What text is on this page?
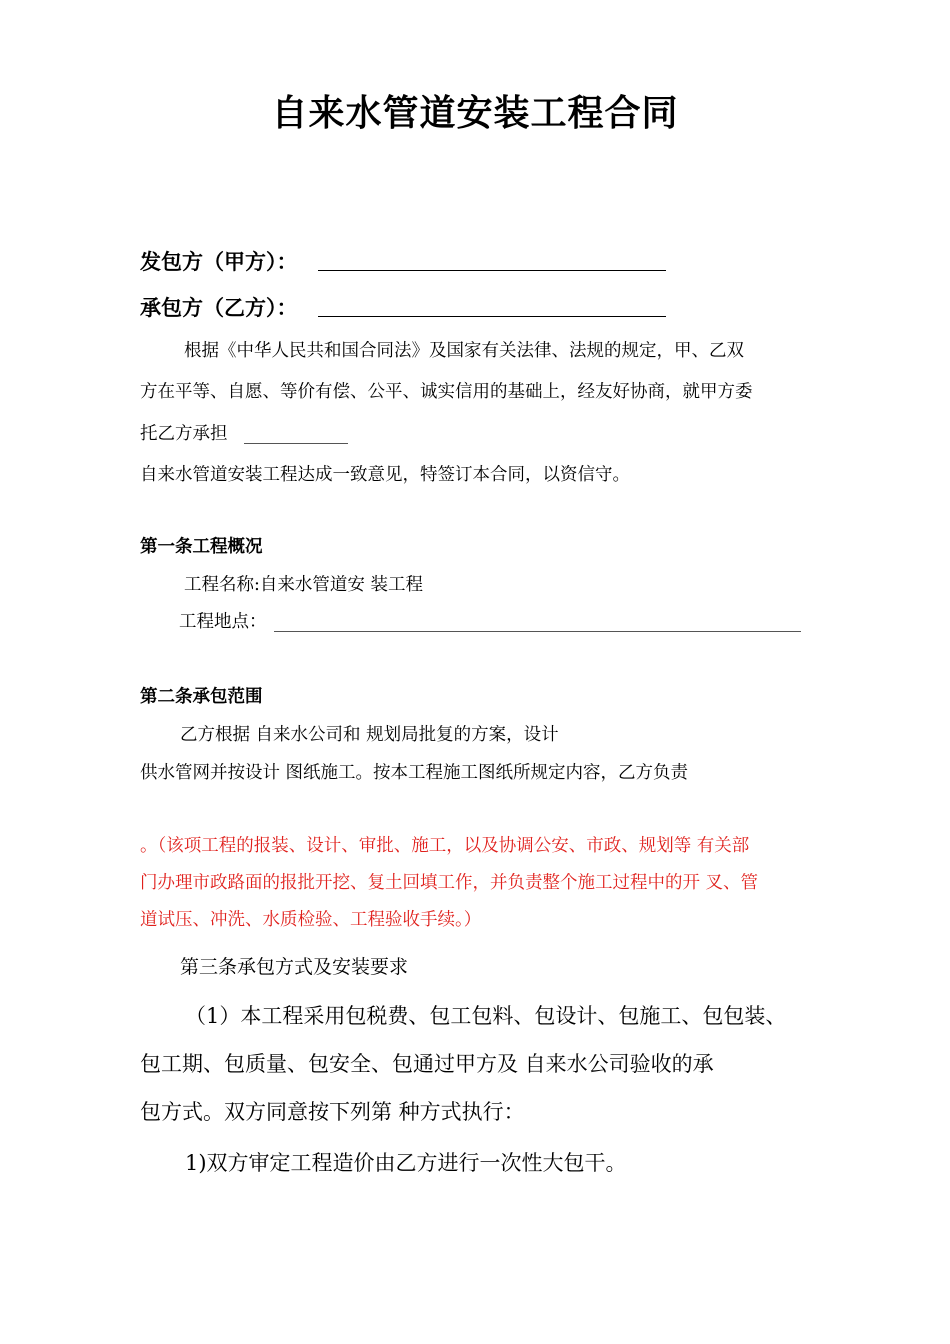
自来水管道安装工程合同
发包方（甲方）：
承包方（乙方）：
根据《中华人民共和国合同法》及国家有关法律、法规的规定，甲、乙双
方在平等、自愿、等价有偿、公平、诚实信用的基础上，经友好协商，就甲方委
托乙方承担
自来水管道安装工程达成一致意见，特签订本合同，以资信守。
第一条工程概况
工程名称:自来水管道安 装工程
工程地点：
第二条承包范围
乙方根据 自来水公司和 规划局批复的方案，设计
供水管网并按设计 图纸施工。按本工程施工图纸所规定内容，乙方负责
。（该项工程的报装、设计、审批、施工，以及协调公安、市政、规划等 有关部
门办理市政路面的报批开挖、复土回填工作，并负责整个施工过程中的开 叉、管
道试压、冲洗、水质检验、工程验收手续。）
第三条承包方式及安装要求
（1）本工程采用包税费、包工包料、包设计、包施工、包包装、
包工期、包质量、包安全、包通过甲方及 自来水公司验收的承
包方式。双方同意按下列第 种方式执行：
1)双方审定工程造价由乙方进行一次性大包干。
